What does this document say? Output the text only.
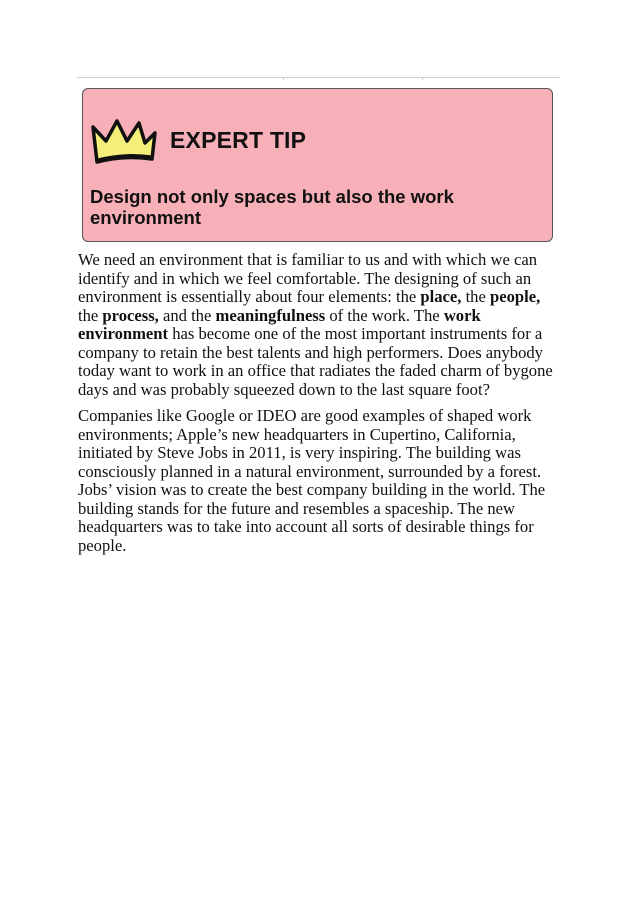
EXPERT TIP
Design not only spaces but also the work environment

We need an environment that is familiar to us and with which we can identify and in which we feel comfortable. The designing of such an environment is essentially about four elements: the place, the people, the process, and the meaningfulness of the work. The work environment has become one of the most important instruments for a company to retain the best talents and high performers. Does anybody today want to work in an office that radiates the faded charm of bygone days and was probably squeezed down to the last square foot?

Companies like Google or IDEO are good examples of shaped work environments; Apple’s new headquarters in Cupertino, California, initiated by Steve Jobs in 2011, is very inspiring. The building was consciously planned in a natural environment, surrounded by a forest. Jobs’ vision was to create the best company building in the world. The building stands for the future and resembles a spaceship. The new headquarters was to take into account all sorts of desirable things for people.
